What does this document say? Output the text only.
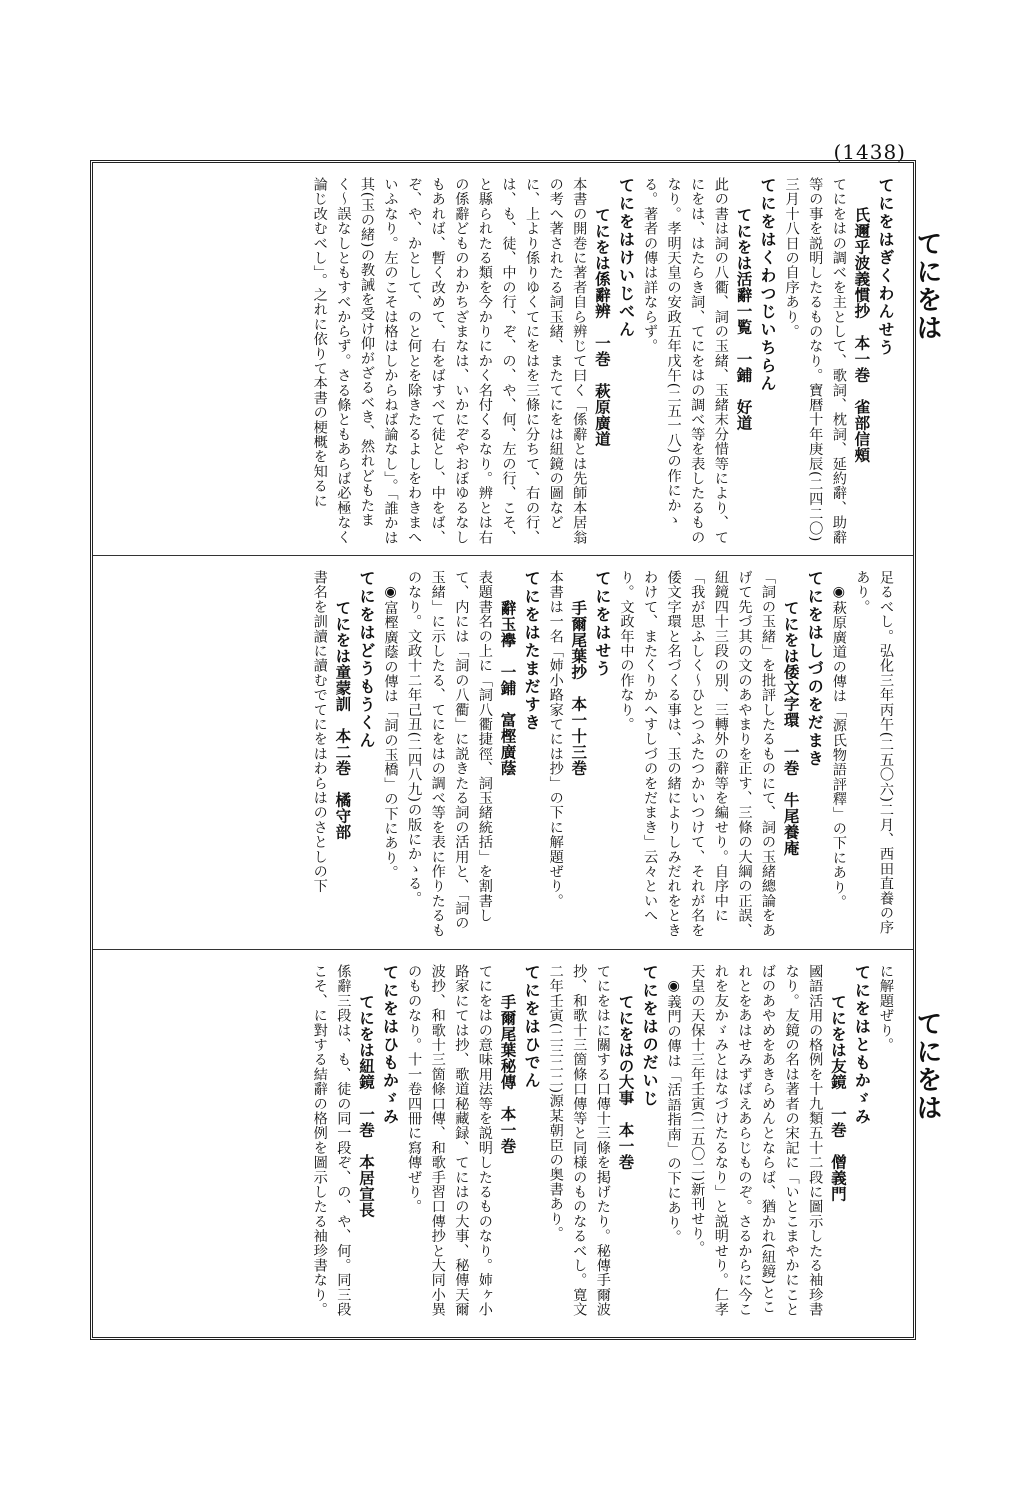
(1438)
てにをは
てにをは

てにをはぎくわんせう

氏邇乎波義慣抄　本一巻　雀部信頰

てにをはの調べを主として、歌詞、枕詞、延約辭、助辭等の事を説明したるものなり。寶暦十年庚辰(二四二〇)三月十八日の自序あり。

てにをはくわつじいちらん

てにをは活辭一覧　一鋪　好道

此の書は詞の八衢、詞の玉緒、玉緒末分惜等により、てにをは、はたらき詞、てにをはの調べ等を表したるものなり。孝明天皇の安政五年戊午(二五一八)の作にかゝる。著者の傳は詳ならず。

てにをはけいじべん

てにをは係辭辨　一巻　萩原廣道

本書の開巻に著者自ら辨じて曰く「係辭とは先師本居翁の考へ著されたる詞玉緒、またてにをは紐鏡の圖などに、上より係りゆくてにをはを三條に分ちて、右の行、は、も、徒、中の行、ぞ、の、や、何、左の行、こそ、と縣られたる類を今かりにかく名付くるなり。辨とは右の係辭どものわかちざまなは、いかにぞやおぼゆるなしもあれば、暫く改めて、右をばすべて徒とし、中をば、ぞ、や、かとして、のと何とを除きたるよしをわきまへいふなり。左のこそは格はしからねば論なし」。「誰かは其(玉の緒)の教誡を受け仰がざるべき、然れどもたまく〜誤なしともすべからず。さる條ともあらば必極なく論じ改むべし」。之れに依りて本書の梗概を知るに

足るべし。弘化三年丙午(二五〇六)二月、西田直養の序あり。

◉萩原廣道の傳は「源氏物語評釋」の下にあり。

てにをはしづのをだまき

てにをは倭文字環　一巻　牛尾養庵

「詞の玉緒」を批評したるものにて、詞の玉緒總論をあげて先づ其の文のあやまりを正す、三條の大綱の正誤、紐鏡四十三段の別、三轉外の辭等を編せり。自序中に「我が思ふしく〜ひとつふたつかいつけて、それが名を倭文字環と名づくる事は、玉の緒によりしみだれをときわけて、またくりかへすしづのをだまき」云々といへり。文政年中の作なり。

てにをはせう

手爾尾葉抄　本一十三巻

本書は一名「姉小路家てには抄」の下に解題ぜり。

てにをはたまだすき

辭玉襷　一鋪　富樫廣蔭

表題書名の上に「詞八衢捷徑、詞玉緒統括」を割書して、内には「詞の八衢」に説きたる詞の活用と、「詞の玉緒」に示したる、てにをはの調べ等を表に作りたるものなり。文政十二年己丑(二四八九)の版にかゝる。

◉富樫廣蔭の傳は「詞の玉橋」の下にあり。

てにをはどうもうくん

てにをは童蒙訓　本二巻　橘守部

書名を訓讀に讀むでてにをはわらはのさとしの下

に解題ぜり。

てにをはともかゞみ

てにをは友鏡　一巻　僧義門

國語活用の格例を十九類五十二段に圖示したる袖珍書なり。友鏡の名は著者の宋記に「いとこまやかにことばのあやめをあきらめんとならば、猶かれ(紐鏡)とこれとをあはせみずばえあらじものぞ。さるからに今これを友かゞみとはなづけたるなり」と説明せり。仁孝天皇の天保十三年壬寅(二五〇二)新刊せり。

◉義門の傳は「活語指南」の下にあり。

てにをはのだいじ

てにをはの大事　本一巻

てにをはに關する口傳十三條を掲げたり。秘傳手爾波抄、和歌十三箇條口傳等と同様のものなるべし。寛文二年壬寅(二三二二)源某朝臣の奥書あり。

てにをはひでん

手爾尾葉秘傳　本一巻

てにをはの意味用法等を説明したるものなり。姉ヶ小路家にては抄、歌道秘藏録、てにはの大事、秘傳天爾波抄、和歌十三箇條口傳、和歌手習口傳抄と大同小異のものなり。十一卷四冊に寫傳ぜり。

てにをはひもかゞみ

てにをは紐鏡　一巻　本居宣長

係辭三段は、も、徒の同一段ぞ、の、や、何。同三段こそ、に對する結辭の格例を圖示したる袖珍書なり。
